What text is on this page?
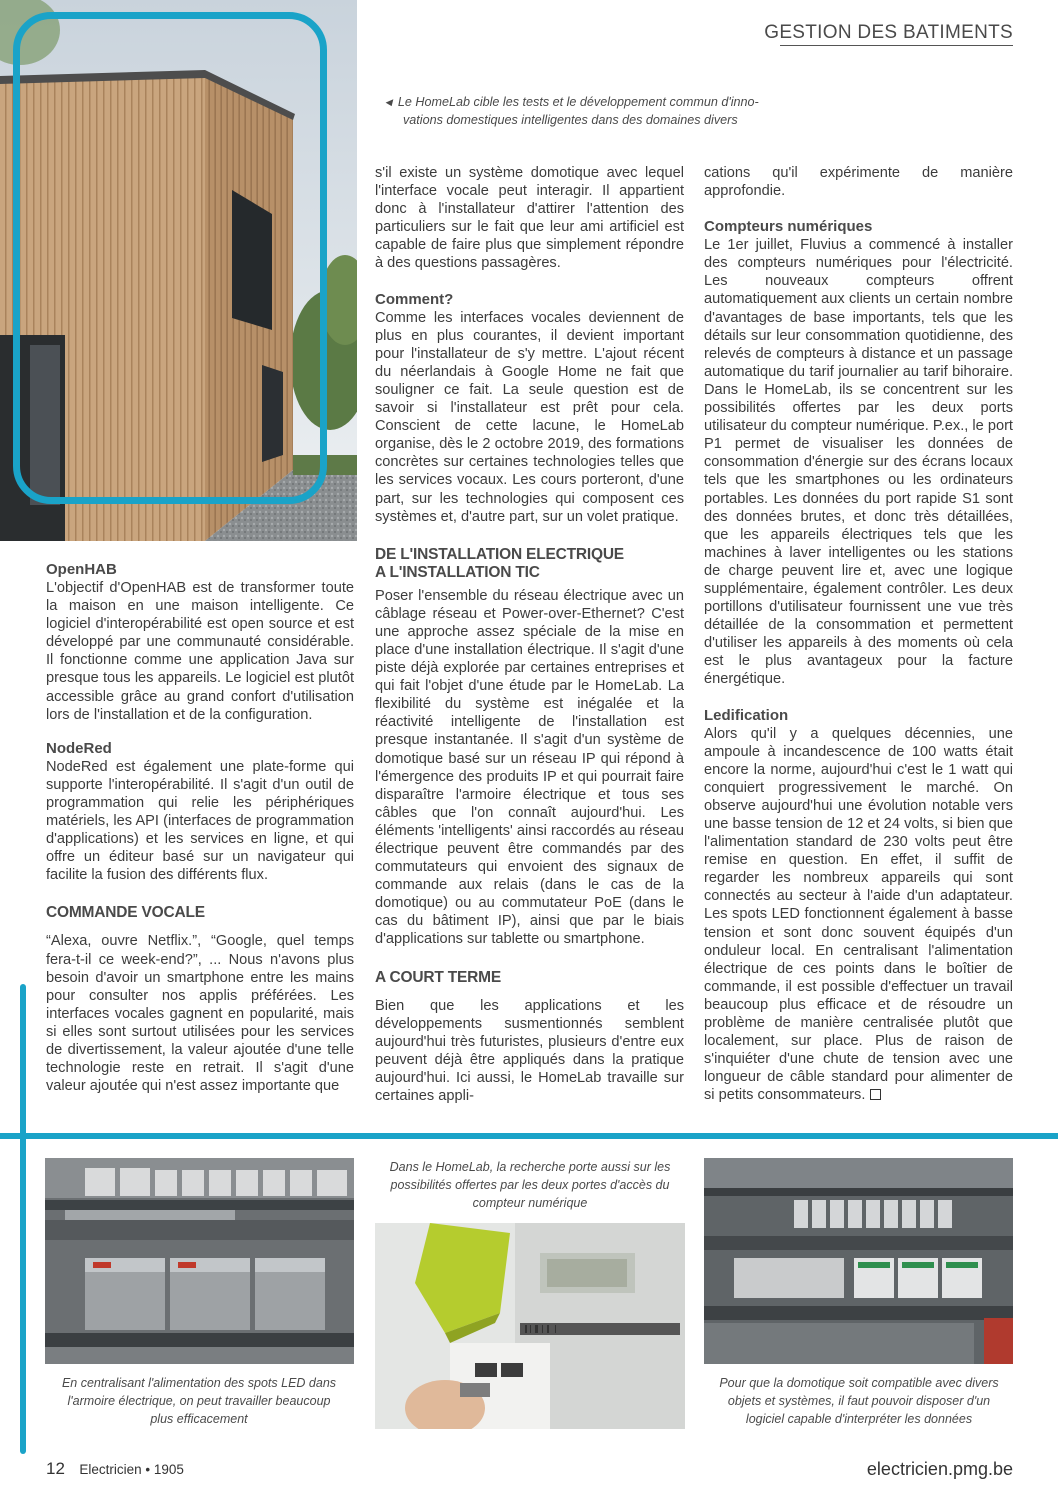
GESTION DES BATIMENTS
◀ Le HomeLab cible les tests et le développement commun d'inno-
vations domestiques intelligentes dans des domaines divers
OpenHAB

L'objectif d'OpenHAB est de transformer toute la maison en une maison intelligente. Ce logiciel d'interopérabilité est open source et est développé par une communauté considérable. Il fonctionne comme une application Java sur presque tous les appareils. Le logiciel est plutôt accessible grâce au grand confort d'utilisation lors de l'installation et de la configuration.

NodeRed

NodeRed est également une plate-forme qui supporte l'interopérabilité. Il s'agit d'un outil de programmation qui relie les périphériques matériels, les API (interfaces de programmation d'applications) et les services en ligne, et qui offre un éditeur basé sur un navigateur qui facilite la fusion des différents flux.

COMMANDE VOCALE

“Alexa, ouvre Netflix.”, “Google, quel temps fera-t-il ce week-end?”, ... Nous n'avons plus besoin d'avoir un smartphone entre les mains pour consulter nos applis préférées. Les interfaces vocales gagnent en popularité, mais si elles sont surtout utilisées pour les services de divertissement, la valeur ajoutée d'une telle technologie reste en retrait. Il s'agit d'une valeur ajoutée qui n'est assez importante que

s'il existe un système domotique avec lequel l'interface vocale peut interagir. Il appartient donc à l'installateur d'attirer l'attention des particuliers sur le fait que leur ami artificiel est capable de faire plus que simplement répondre à des questions passagères.

Comment?

Comme les interfaces vocales deviennent de plus en plus courantes, il devient important pour l'installateur de s'y mettre. L'ajout récent du néerlandais à Google Home ne fait que souligner ce fait. La seule question est de savoir si l'installateur est prêt pour cela. Conscient de cette lacune, le HomeLab organise, dès le 2 octobre 2019, des formations concrètes sur certaines technologies telles que les services vocaux. Les cours porteront, d'une part, sur les technologies qui composent ces systèmes et, d'autre part, sur un volet pratique.

DE L'INSTALLATION ELECTRIQUE
A L'INSTALLATION TIC

Poser l'ensemble du réseau électrique avec un câblage réseau et Power-over-Ethernet? C'est une approche assez spéciale de la mise en place d'une installation électrique. Il s'agit d'une piste déjà explorée par certaines entreprises et qui fait l'objet d'une étude par le HomeLab. La flexibilité du système est inégalée et la réactivité intelligente de l'installation est presque instantanée. Il s'agit d'un système de domotique basé sur un réseau IP qui répond à l'émergence des produits IP et qui pourrait faire disparaître l'armoire électrique et tous ses câbles que l'on connaît aujourd'hui. Les éléments 'intelligents' ainsi raccordés au réseau électrique peuvent être commandés par des commutateurs qui envoient des signaux de commande aux relais (dans le cas de la domotique) ou au commutateur PoE (dans le cas du bâtiment IP), ainsi que par le biais d'applications sur tablette ou smartphone.

A COURT TERME

Bien que les applications et les développements susmentionnés semblent aujourd'hui très futuristes, plusieurs d'entre eux peuvent déjà être appliqués dans la pratique aujourd'hui. Ici aussi, le HomeLab travaille sur certaines appli-

cations qu'il expérimente de manière approfondie.

Compteurs numériques

Le 1er juillet, Fluvius a commencé à installer des compteurs numériques pour l'électricité. Les nouveaux compteurs offrent automatiquement aux clients un certain nombre d'avantages de base importants, tels que les détails sur leur consommation quotidienne, des relevés de compteurs à distance et un passage automatique du tarif journalier au tarif bihoraire. Dans le HomeLab, ils se concentrent sur les possibilités offertes par les deux ports utilisateur du compteur numérique. P.ex., le port P1 permet de visualiser les données de consommation d'énergie sur des écrans locaux tels que les smartphones ou les ordinateurs portables. Les données du port rapide S1 sont des données brutes, et donc très détaillées, que les appareils électriques tels que les machines à laver intelligentes ou les stations de charge peuvent lire et, avec une logique supplémentaire, également contrôler. Les deux portillons d'utilisateur fournissent une vue très détaillée de la consommation et permettent d'utiliser les appareils à des moments où cela est le plus avantageux pour la facture énergétique.

Ledification

Alors qu'il y a quelques décennies, une ampoule à incandescence de 100 watts était encore la norme, aujourd'hui c'est le 1 watt qui conquiert progressivement le marché. On observe aujourd'hui une évolution notable vers une basse tension de 12 et 24 volts, si bien que l'alimentation standard de 230 volts peut être remise en question. En effet, il suffit de regarder les nombreux appareils qui sont connectés au secteur à l'aide d'un adaptateur. Les spots LED fonctionnent également à basse tension et sont donc souvent équipés d'un onduleur local. En centralisant l'alimentation électrique de ces points dans le boîtier de commande, il est possible d'effectuer un travail beaucoup plus efficace et de résoudre un problème de manière centralisée plutôt que localement, sur place. Plus de raison de s'inquiéter d'une chute de tension avec une longueur de câble standard pour alimenter de si petits consommateurs.

Dans le HomeLab, la recherche porte aussi sur les possibilités offertes par les deux portes d'accès du compteur numérique
En centralisant l'alimentation des spots LED dans l'armoire électrique, on peut travailler beaucoup plus efficacement
Pour que la domotique soit compatible avec divers objets et systèmes, il faut pouvoir disposer d'un logiciel capable d'interpréter les données
12 Electricien • 1905	electricien.pmg.be
